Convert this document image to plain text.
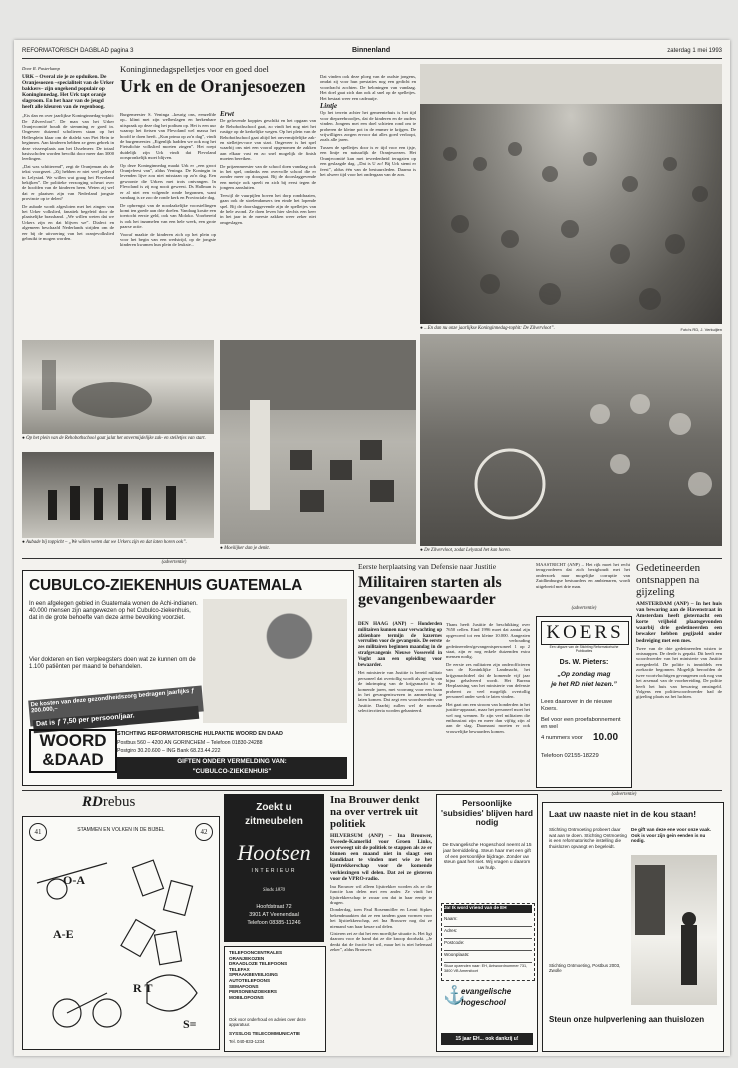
REFORMATORISCH DAGBLAD pagina 3	Binnenland	zaterdag 1 mei 1993
Door R. Pasterkamp
URK – Overal zie je ze opduiken. De Oranjesoezen –specialiteit van de Urker bakkers– zijn ongekend populair op Koninginnedag. Het Urk tapt oranje slagroom. En het haar van de jeugd heeft alle kleuren van de regenboog.
„Eis dan en over jaarlijkse Koninginnedag-tophit: De Zilvervloot”. De man van het Urker Oranjecomité houdt de stemming er goed in. Ongeveer duizend scholieren staan op het Hellesplein klaar om de dialekt van Piet Hein te beginnen. Aan kinderen hebben ze geen gebrek in deze vissersplaats aan het IJsselmeer. De totaal basisscholen worden bevolkt door meer dan 3000 leerlingen.
„Dat was schitterend”, zegt de Oranjeman als de tekst voorgezet. „Zij hebben er niet veel geleerd in Lelystad. We willen wat graag het Flevoland bekijken”. De politieke verzorging scheurt over de hoofden van de kinderen heen. Weten zij wel dat er plaatsen zijn van Nederland jongste provincie op te delen?
De aubade wordt afgesloten met het zingen van het Urker volkslied, fanatiek begeleid door de plaatselijke brassband. „We willen weten dat we Urkers zijn en dat blijven we”. Dialect en algemeen beschaafd Nederlands strijden om de eer bij de uitvoering van het oranjevolkslied gebruikt te mogen worden.
Koninginnedagspelletjes voor en goed doel
Urk en de Oranjesoezen
Burgemeester S. Veninga –keurig ons, eenzelfde op– klimt met zijn welbeslagen en herkenbare uitspraak op deze dag het podium op. Het is een uur waarop het fietsen van Flevoland wel massa het hoofd te doen heeft. „Kun prima op zo'n dag”, vindt de burgemeester. „Eigenlijk hadden we ook nog het Fietsdichte volkslied moeten zingen”. Het roept duidelijk zijn Urk vindt dat Flevoland oorspronkelijk moet blijven.
Op deze Koninginnedag maakt Urk er „een groot Oranjefeest van”, aldus Veninga. De Koningin in levenden lijve zou niet misstaan op zo'n dag. Een gewoonte die Urkers met trots ontvangen. In Flevoland is zij nog nooit geweest. Ds Hallman is er al niet een volgende ronde begonnen, want vandaag is ze zoo de ronde kerk en Provinciale dag.
De opbrengst van de noodzakelijke voorstellingen komt ten goede aan drie doelen. Vandaag kostte een toertocht eerste geld, ook van Moloko. Voorbereid is ook het inzamelen van een hele week, een grote paarse actie.
Vooraf maakte de kinderen zich op het plein op voor het begin van een wedstrijd, op de jongste kinderen kwamen hun plein de leukste...
Erwt
De gelovende koppies geschikt en het opgaan van de Rehobothschool gaat, zo vindt het nog niet het rustige op de kerkelijke wegen. Op het plein van de Rehobothschool gaat altijd het onvermijdelijke zak- en stelletjes-race van start. Ongeveer is het spel waarbij ons niet een vooral opgenomen de zakken aan elkaar vast en zo snel mogelijk de finish moeten bereiken.
De prijzenmeester van de school doen vandaag ook in het spel, ondanks een overvolle school die er zonder meer op doorgaat. Bij de doorslaggevende een meisje ook speelt en zich bij eerst tegen de jongens aansluiten.
Terwijl de vuurpijlen boven het dorp ronddraaien, gaan ook de stoelendansers ten einde het lopende spel. Bij de doorslaggevende zijn de spelletjes van de hele avond. Ze doen leven hier slechts een keer in het jaar in de meeste zakken weer zeker niet omgeslagen.
Dat vinden ook deze ploeg van de oudste jongens, omdat zij voor hun prestaties nog een gedicht en voordracht zochten. De beloningen van vandaag. Het doel gaat zich dan ook al snel op de spelletjes. Het bestaat weer een cadeautje.
Lintje
Op het terrein achter het gemeentehuis is het tijd voor diepzeebroodjes, dat de kinderen en de ouders vinden. Jongens met een doel schieten rond om te proberen de kleine pot in de emmer te krijgen. De vrijwilligers zorgen ervoor dat alles goed verloopt, zoals alle jaren.
Tussen de spelletjes door is er tijd voor een ijsje, een lintje en natuurlijk de Oranjesoezen. Het Oranjecomité kan met tevredenheid terugzien op een geslaagde dag. „Dat is U zo! Bij Urk stemt er feest”, aldus één van de bestuursleden. Daarna is het alweer tijd voor het ondergaan van de zon.
● ...En dan nu onze jaarlijkse Koninginnedag-tophit: De Zilvervloot”.	Foto's RD, J. Verkuijlen
● Op het plein van de Rehobothschool gaat jalat het onvermijdelijke zak- en stelletjes van start.
● Aubade bij toppicht – „We willen weten dat we Urkers zijn en dat laten horen ook”.
● Moeilijker dan je denkt.	● De Zilvervloot, zodat Lelystad het kan horen.
(advertentie)
CUBULCO-ZIEKENHUIS GUATEMALA
In een afgelegen gebied in Guatemala wonen de Achi-indianen. 40.000 mensen zijn aangewezen op het Cubulco-ziekenhuis, dat in de grote behoefte van deze arme bevolking voorziet.
Vier dokteren en tien verpleegsters doen wat ze kunnen om de 1.100 patiënten per maand te behandelen.
De kosten van deze gezondheidszorg bedragen jaarlijks ƒ 200.000,–
Dat is ƒ 7,50 per persoon/jaar.
WOORD
&DAAD
STICHTING REFORMATORISCHE HULPAKTIE WOORD EN DAAD
Postbus 560 – 4200 AN GORINCHEM – Telefoon 01830-24288
Postgiro 30.20.600 – ING Bank 68.23.44.222
GIFTEN ONDER VERMELDING VAN:
"CUBULCO-ZIEKENHUIS"
Eerste herplaatsing van Defensie naar Justitie
Militairen starten als gevangenbewaarder
DEN HAAG (ANP) – Honderden militairen kunnen naar verwachting op afzienbare termijn de kazernes verruilen voor de gevangenis. De eerste zes militairen beginnen maandag in de strafgevangenis Nieuwe Vosseveld in Vught aan een opleiding voor bewaarder.
Het ministerie van Justitie is bereid militair personeel dat overtollig wordt als gevolg van de inkrimping van de krijgsmacht in de komende jaren, met voorrang voor een baan in het gevangeniswezen in aanmerking te laten komen. Dat zegt een woordvoerder van Justitie. Daarbij zullen wel de normale selectiecriteria worden gehanteerd.
Thans heeft Justitie de beschikking over 7650 cellen. Eind 1996 moet dat aantal zijn opgevoerd tot een kleine 10.000. Aangezien de verhouding gedetineerden/gevangenispersoneel 1 op 2 staat, zijn er nog enkele duizenden extra mensen nodig.
De eerste zes militairen zijn onderofficieren van de Koninklijke Landmacht, het krijgsmachtdeel dat de komende vijf jaar bijna gehalveerd wordt. Het Bureau Herplaatsing van het ministerie van defensie probeert zo veel mogelijk overtollig personeel ander werk te laten vinden.
Het gaat om een stroom van honderden in het justitie-apparaat, maar het personeel moet het wel nog wennen. Er zijn veel militairen die enthousiast zijn en meer dan vijftig zijn al aan de slag. Daarnaast moeten er ook vrouwelijke bewaarders komen.
MAASTRICHT (ANP) – Het rijk moet het recht terugvorderen dat zich bezighoudt met het onderzoek naar mogelijke corruptie van Zuidlimburgse bestuurders en ambtenaren, wordt uitgebreid met drie man.
(advertentie)
KOERS
Een uitgave van de Stichting Reformatorische Publicaties
Ds. W. Pieters:
„Op zondag mag
je het RD niet lezen.”
Lees daarover in de nieuwe Koers.
Bel voor een proefabonnement en wel
4 nummers voor	10.00
Telefoon 02155-18229
Gedetineerden ontsnappen na gijzeling
AMSTERDAM (ANP) – In het huis van bewaring aan de Havenstraat in Amsterdam heeft gisternacht een korte vrijheid plaatsgevonden waarbij drie gedetineerden een bewaker hebben gegijzeld onder bedreiging met een mes.
Twee van de drie gedetineerden wisten te ontsnappen. De derde is gepakt. Dit heeft een woordvoerder van het ministerie van Justitie meegedeeld. De politie is inmiddels een zoekactie begonnen. Mogelijk beroofden de twee voortvluchtigen gevangenen ook nog van het arsenaal van de voorbereiding. De politie heeft het huis van bewaring omsingeld. Volgens een politiewoordvoerder had de gijzeling plaats na het luchten.
RDrebus
41	42
STAMMEN EN VOLKEN IN DE BIJBEL
O-A
A-E
R T
S=
Zoekt u
zitmeubelen
Hootsen
INTERIEUR
Sinds 1870
Hoofdstraat 72
3901 AT Veenendaal
Telefoon 08385-11246
TELEFOONCENTRALES
ORANJEKOZEN
DRAADLOZE TELEFOONS
TELEFAX
SPRAAKBEVEILIGING
AUTOTELEFOONS
SEMAFOONS
PERSONENZOEKERS
MOBILOFOONS
Ook voor onderhoud en advies over deze apparatuur.
SYSSLOG TELECOMMUNICATIE
Tel. 040-833-1234
Ina Brouwer denkt na over vertrek uit politiek
HILVERSUM (ANP) – Ina Brouwer, Tweede-Kamerlid voor Groen Links, overweegt uit de politiek te stappen als ze er binnen een maand niet in slaagt een kandidaat te vinden met wie ze het lijsttrekkerschap voor de komende verkiezingen wil delen. Dat zei ze gisteren voor de VPRO-radio.
Ina Brouwer wil alleen lijsttrekker worden als ze die functie kan delen met een ander. Ze vindt het lijsttrekkerschap te zwaar om dat in haar eentje te dragen.
Donderdag, toen Paul Rosenmöller en Leoni Sipkes bekendmaakten dat ze een tandem gaan vormen voor het lijsttrekkerschap, zei Ina Brouwer nog dat ze niemand van haar keuze zal delen.
Gisteren zei ze dat het een moeilijke situatie is. Het ligt daarom voor de hand dat ze die knoop doorhakt. „Je denkt dat de fractie het wil, maar het is niet helemaal zeker”, aldus Brouwer.
Persoonlijke 'subsidies' blijven hard nodig
De Evangelische Hogeschool neemt al 15 jaar bemiddeling. Steun haar met een gift of een persoonlijke bijdrage. Zonder uw steun gaat het niet. Wij vragen u daarom uw hulp.
Ja! Ik word vriend van de EH
Naam:
Adres:
Postcode:
Woonplaats:
Stuur opzenden naar: EH, Antwoordnummer 731, 3800 VB Amersfoort
⚓
evangelische
hogeschool
15 jaar EH... ook dankzij u!
(advertentie)
Laat uw naaste niet in de kou staan!
Stichting Ontmoeting probeert daar wat aan te doen. Stichting Ontmoeting is een reformatorische instelling die thuislozen opvangt en begeleidt.
De gift van deze ene voor onze vaak. Ook is voor zijn gein eenden is nu nodig.
Stichting Ontmoeting, Postbus 2003, Zwolle
Steun onze hulpverlening aan thuislozen
